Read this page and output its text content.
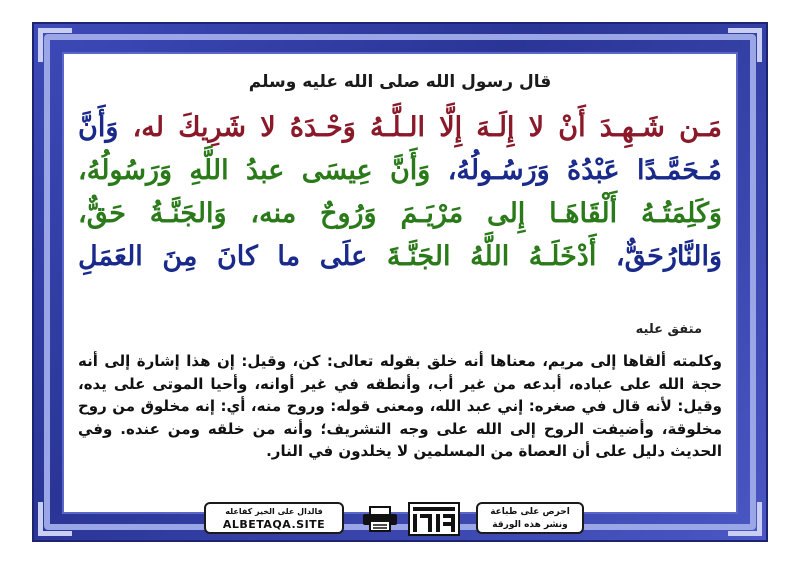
قال رسول الله صلى الله عليه وسلم

مَـن شَـهِـدَ أَنْ لا إِلَـهَ إِلَّا الـلَّـهُ وَحْـدَهُ لا شَرِيكَ له، وَأَنَّ

مُـحَمَّـدًا عَبْدُهُ وَرَسُـولُهُ، وَأَنَّ عِيسَى عبدُ اللَّهِ وَرَسُولُهُ،

وَكَلِمَتُـهُ أَلْقَاهَـا إِلى مَرْيَـمَ وَرُوحٌ منه، وَالجَنَّـةُ حَقٌّ،

وَالنَّارُحَقٌّ، أَدْخَلَـهُ اللَّهُ الجَنَّـةَ علَى ما كانَ مِنَ العَمَلِ

متفق عليه
وكلمته ألقاها إلى مريم، معناها أنه خلق بقوله تعالى: كن، وقيل: إن هذا إشارة إلى أنه حجة الله على عباده، أبدعه من غير أب، وأنطقه في غير أوانه، وأحيا الموتى على يده، وقيل: لأنه قال في صغره: إني عبد الله، ومعنى قوله: وروح منه، أي: إنه مخلوق من روح مخلوقة، وأضيفت الروح إلى الله على وجه التشريف؛ وأنه من خلقه ومن عنده. وفي الحديث دليل على أن العصاة من المسلمين لا يخلدون في النار.
فالدال على الخير كفاعله
ALBETAQA.SITE
احرص على طباعة ونشر هذه الورقة
